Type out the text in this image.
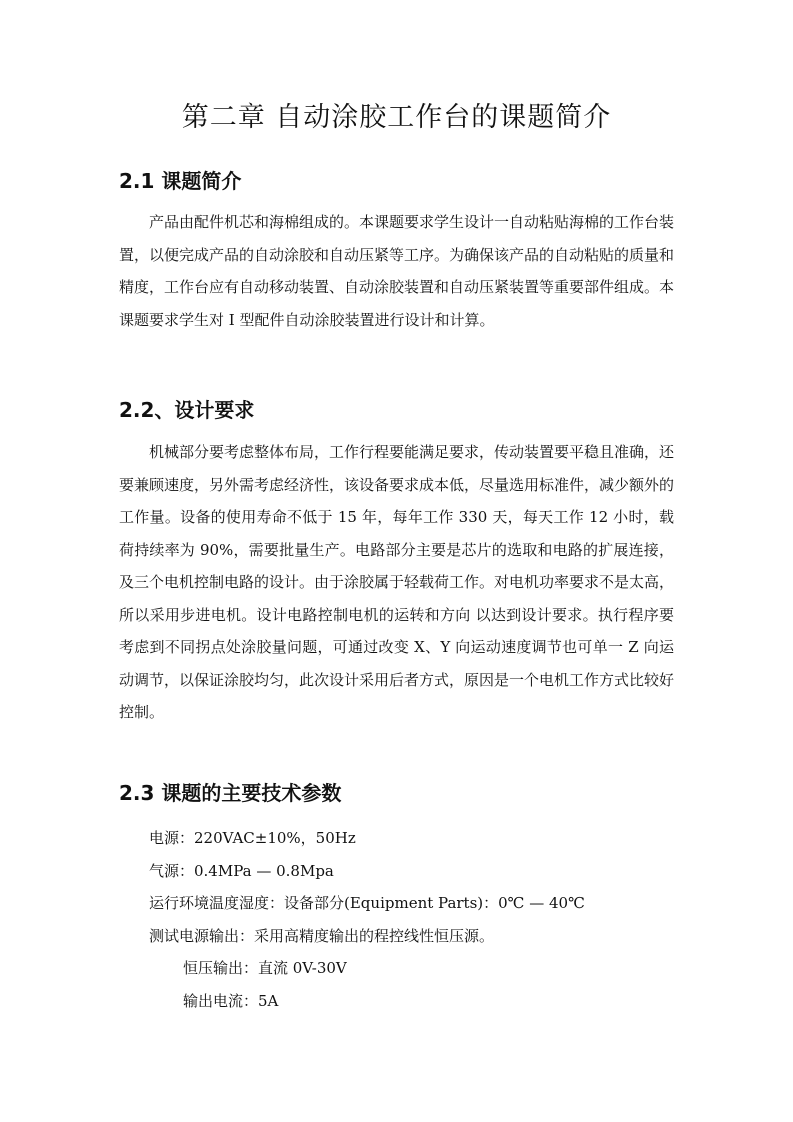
第二章 自动涂胶工作台的课题简介
2.1 课题简介

产品由配件机芯和海棉组成的。本课题要求学生设计一自动粘贴海棉的工作台装置，以便完成产品的自动涂胶和自动压紧等工序。为确保该产品的自动粘贴的质量和精度，工作台应有自动移动装置、自动涂胶装置和自动压紧装置等重要部件组成。本课题要求学生对 I 型配件自动涂胶装置进行设计和计算。

2.2、设计要求

机械部分要考虑整体布局，工作行程要能满足要求，传动装置要平稳且准确，还要兼顾速度，另外需考虑经济性，该设备要求成本低，尽量选用标准件，减少额外的工作量。设备的使用寿命不低于 15 年，每年工作 330 天，每天工作 12 小时，载荷持续率为 90%，需要批量生产。电路部分主要是芯片的选取和电路的扩展连接，及三个电机控制电路的设计。由于涂胶属于轻载荷工作。对电机功率要求不是太高，所以采用步进电机。设计电路控制电机的运转和方向 以达到设计要求。执行程序要考虑到不同拐点处涂胶量问题，可通过改变 X、Y 向运动速度调节也可单一 Z 向运动调节，以保证涂胶均匀，此次设计采用后者方式，原因是一个电机工作方式比较好控制。

2.3 课题的主要技术参数
电源：220VAC±10%，50Hz
气源：0.4MPa — 0.8Mpa
运行环境温度湿度：设备部分(Equipment Parts)：0℃ — 40℃
测试电源输出：采用高精度输出的程控线性恒压源。
恒压输出：直流 0V-30V
输出电流：5A
